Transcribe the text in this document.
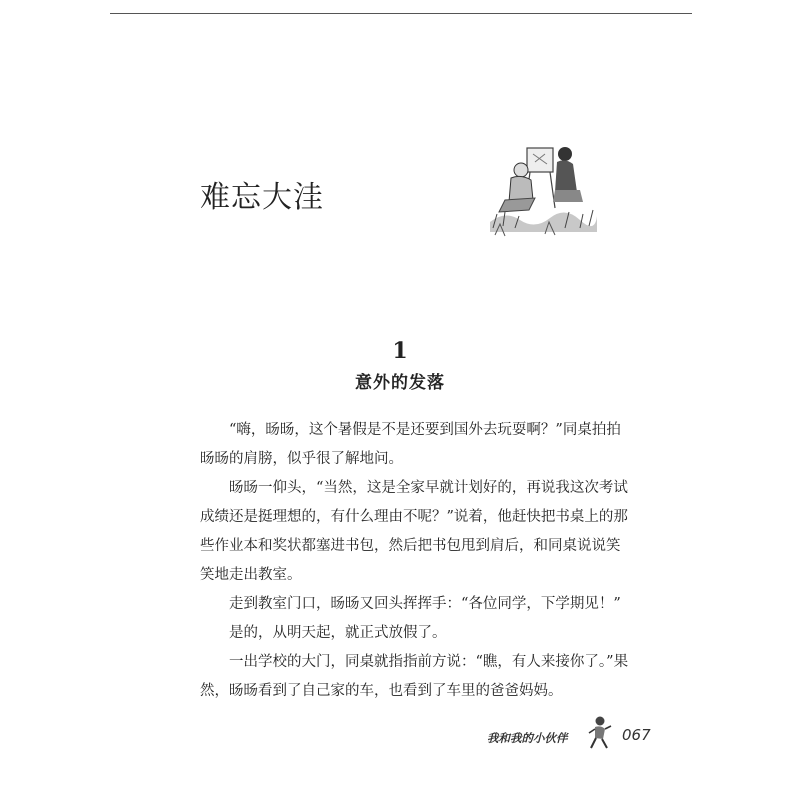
难忘大洼
1
意外的发落

　　“嗨，旸旸，这个暑假是不是还要到国外去玩耍啊？”同桌拍拍旸旸的肩膀，似乎很了解地问。

　　旸旸一仰头，“当然，这是全家早就计划好的，再说我这次考试成绩还是挺理想的，有什么理由不呢？”说着，他赶快把书桌上的那些作业本和奖状都塞进书包，然后把书包甩到肩后，和同桌说说笑笑地走出教室。

　　走到教室门口，旸旸又回头挥挥手：“各位同学，下学期见！”

　　是的，从明天起，就正式放假了。

　　一出学校的大门，同桌就指指前方说：“瞧，有人来接你了。”果然，旸旸看到了自己家的车，也看到了车里的爸爸妈妈。

我和我的小伙伴	067
